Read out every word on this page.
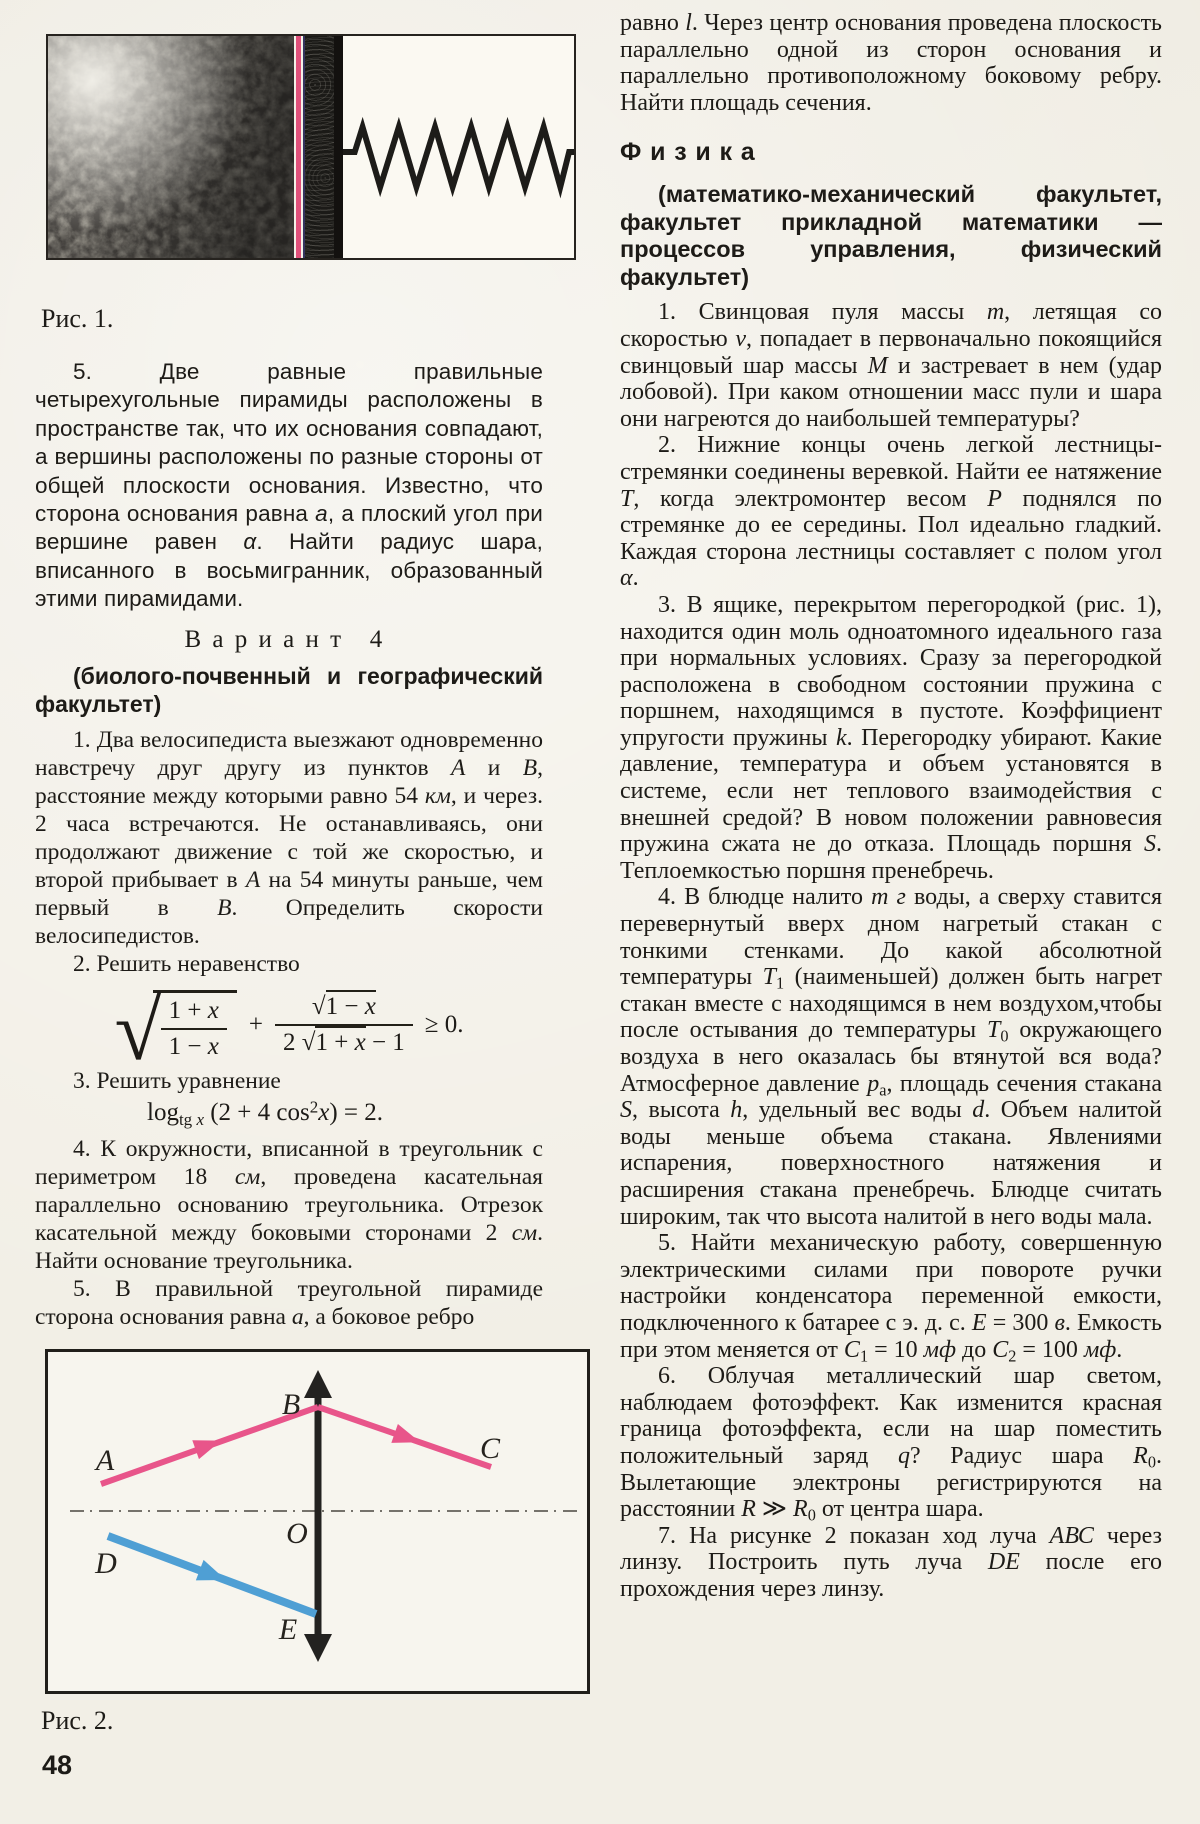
Рис. 1.

5. Две равные правильные четырехугольные пирамиды расположены в пространстве так, что их основания совпадают, а вершины расположены по разные стороны от общей плоскости основания. Известно, что сторона основания равна a, а плоский угол при вершине равен α. Найти радиус шара, вписанного в восьмигранник, образованный этими пирамидами.

Вариант 4

(биолого-почвенный и географический факультет)

1. Два велосипедиста выезжают одновременно навстречу друг другу из пунктов А и В, расстояние между которыми равно 54 км, и через. 2 часа встречаются. Не останавливаясь, они продолжают движение с той же скоростью, и второй прибывает в А на 54 минуты раньше, чем первый в В. Определить скорости велосипедистов.

2. Решить неравенство

√ $\frac{1 + x}{1 - x} + \frac{√1 - x}{2 √1 + x - 1} \ge 0$.

3. Решить уравнение

$\log_{tg x} (2 + 4$ $\cos^2x) = 2$.

4. К окружности, вписанной в треугольник с периметром 18 см, проведена касательная параллельно основанию треугольника. Отрезок касательной между боковыми сторонами 2 см. Найти основание треугольника.

5. В правильной треугольной пирамиде сторона основания равна a, а боковое ребро

A
B
C
O
D
E

Рис. 2.

равно l. Через центр основания проведена плоскость параллельно одной из сторон основания и параллельно противоположному боковому ребру. Найти площадь сечения.

Физика

(математико-механический факультет, факультет прикладной математики — процессов управления, физический факультет)

1. Свинцовая пуля массы m, летящая со скоростью v, попадает в первоначально покоящийся свинцовый шар массы M и застревает в нем (удар лобовой). При каком отношении масс пули и шара они нагреются до наибольшей температуры?

2. Нижние концы очень легкой лестницы-стремянки соединены веревкой. Найти ее натяжение T, когда электромонтер весом P поднялся по стремянке до ее середины. Пол идеально гладкий. Каждая сторона лестницы составляет с полом угол α.

3. В ящике, перекрытом перегородкой (рис. 1), находится один моль одноатомного идеального газа при нормальных условиях. Сразу за перегородкой расположена в свободном состоянии пружина с поршнем, находящимся в пустоте. Коэффициент упругости пружины k. Перегородку убирают. Какие давление, температура и объем установятся в системе, если нет теплового взаимодействия с внешней средой? В новом положении равновесия пружина сжата не до отказа. Площадь поршня S. Теплоемкостью поршня пренебречь.

4. В блюдце налито m г воды, а сверху ставится перевернутый вверх дном нагретый стакан с тонкими стенками. До какой абсолютной температуры $T_1$ (наименьшей) должен быть нагрет стакан вместе с находящимся в нем воздухом,чтобы после остывания до температуры $T_0$ окружающего воздуха в него оказалась бы втянутой вся вода? Атмосферное давление $p_а$, площадь сечения стакана S, высота h, удельный вес воды d. Объем налитой воды меньше объема стакана. Явлениями испарения, поверхностного натяжения и расширения стакана пренебречь. Блюдце считать широким, так что высота налитой в него воды мала.

5. Найти механическую работу, совершенную электрическими силами при повороте ручки настройки конденсатора переменной емкости, подключенного к батарее с э. д. с. Е = 300 в. Емкость при этом меняется от $С_1 = 10$ мф до $С_2 = 100$ мф.

6. Облучая металлический шар светом, наблюдаем фотоэффект. Как изменится красная граница фотоэффекта, если на шар поместить положительный заряд q? Радиус шара $R_0$. Вылетающие электроны регистрируются на расстоянии R ≫ $R_0$ от центра шара.

7. На рисунке 2 показан ход луча АВС через линзу. Построить путь луча DE после его прохождения через линзу.

48
